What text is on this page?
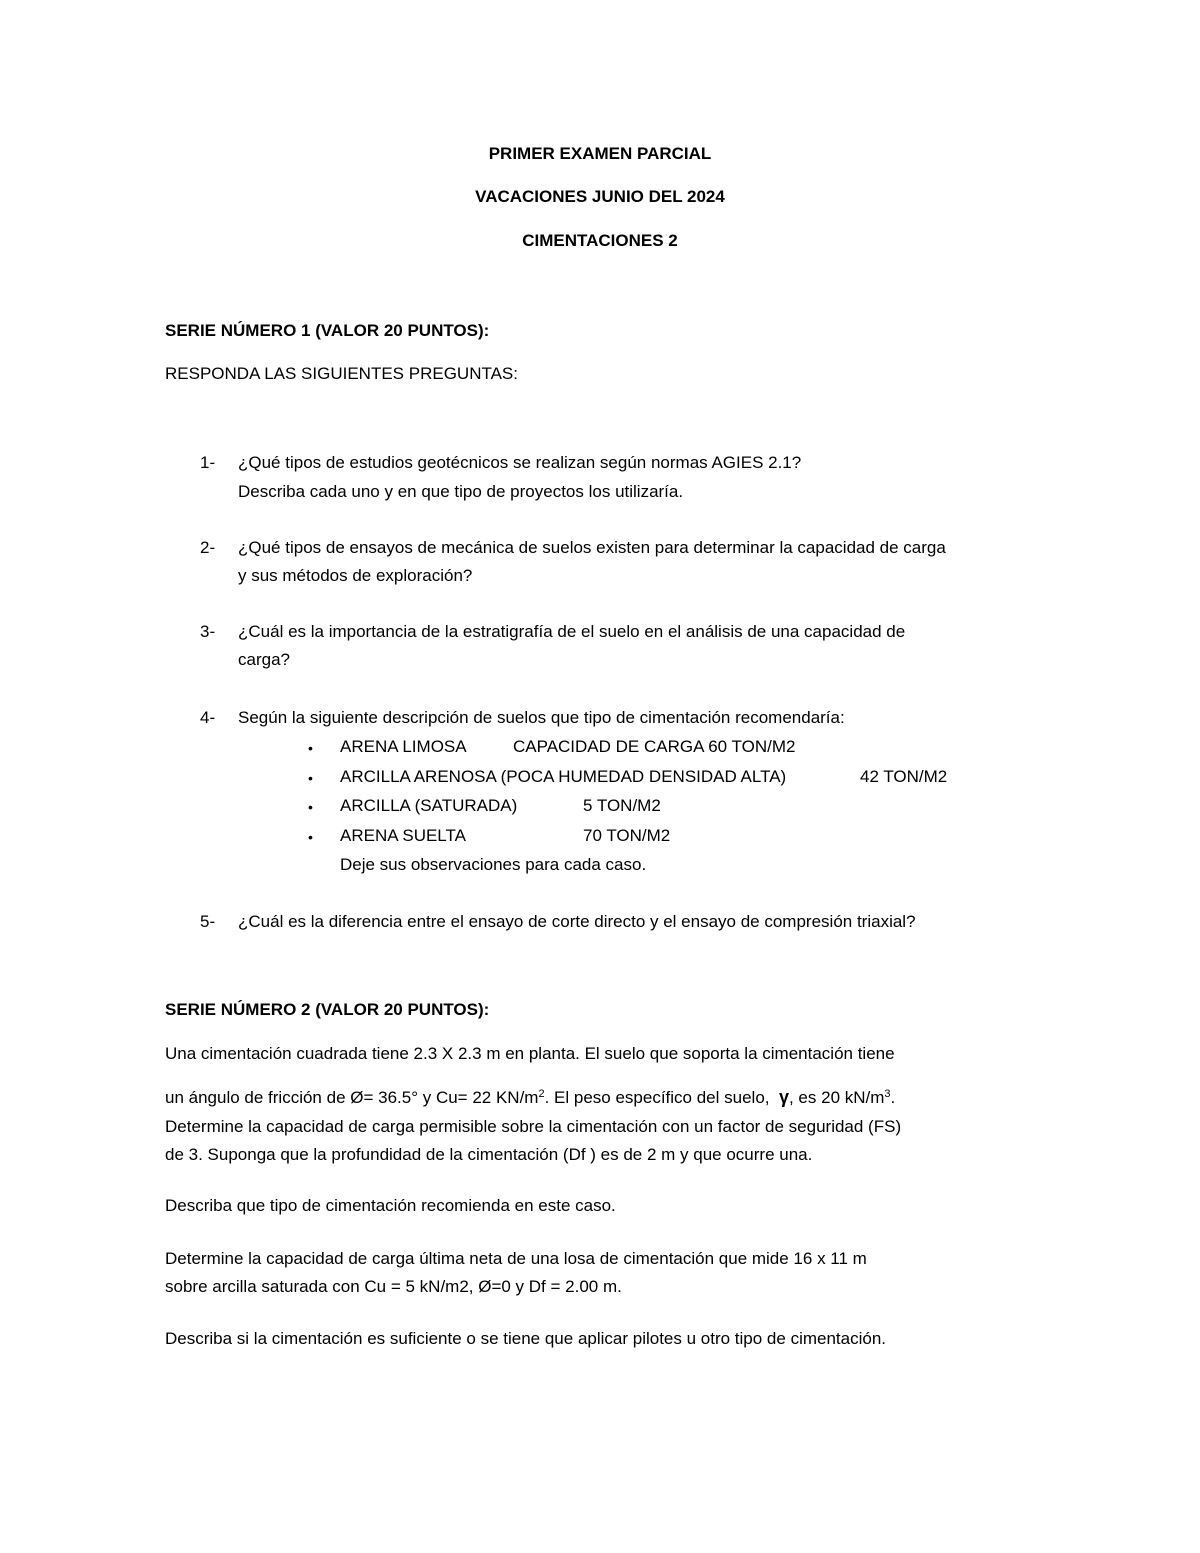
PRIMER EXAMEN PARCIAL
VACACIONES JUNIO DEL 2024
CIMENTACIONES 2
SERIE NÚMERO 1 (VALOR 20 PUNTOS):
RESPONDA LAS SIGUIENTES PREGUNTAS:
1- ¿Qué tipos de estudios geotécnicos se realizan según normas AGIES 2.1?
Describa cada uno y en que tipo de proyectos los utilizaría.
2- ¿Qué tipos de ensayos de mecánica de suelos existen para determinar la capacidad de carga
y sus métodos de exploración?
3- ¿Cuál es la importancia de la estratigrafía de el suelo en el análisis de una capacidad de
carga?
4- Según la siguiente descripción de suelos que tipo de cimentación recomendaría:
• ARENA LIMOSA	CAPACIDAD DE CARGA 60 TON/M2
• ARCILLA ARENOSA (POCA HUMEDAD DENSIDAD ALTA)	42 TON/M2
• ARCILLA (SATURADA)	5 TON/M2
• ARENA SUELTA	70 TON/M2
Deje sus observaciones para cada caso.
5- ¿Cuál es la diferencia entre el ensayo de corte directo y el ensayo de compresión triaxial?
SERIE NÚMERO 2 (VALOR 20 PUNTOS):
Una cimentación cuadrada tiene 2.3 X 2.3 m en planta. El suelo que soporta la cimentación tiene
un ángulo de fricción de Ø= 36.5° y Cu= 22 $KN/m^2$. El peso específico del suelo, γ, es 20 $kN/m^3$.
Determine la capacidad de carga permisible sobre la cimentación con un factor de seguridad (FS)
de 3. Suponga que la profundidad de la cimentación (Df ) es de 2 m y que ocurre una.
Describa que tipo de cimentación recomienda en este caso.
Determine la capacidad de carga última neta de una losa de cimentación que mide 16 x 11 m
sobre arcilla saturada con Cu = 5 kN/m2, Ø=0 y Df = 2.00 m.
Describa si la cimentación es suficiente o se tiene que aplicar pilotes u otro tipo de cimentación.
